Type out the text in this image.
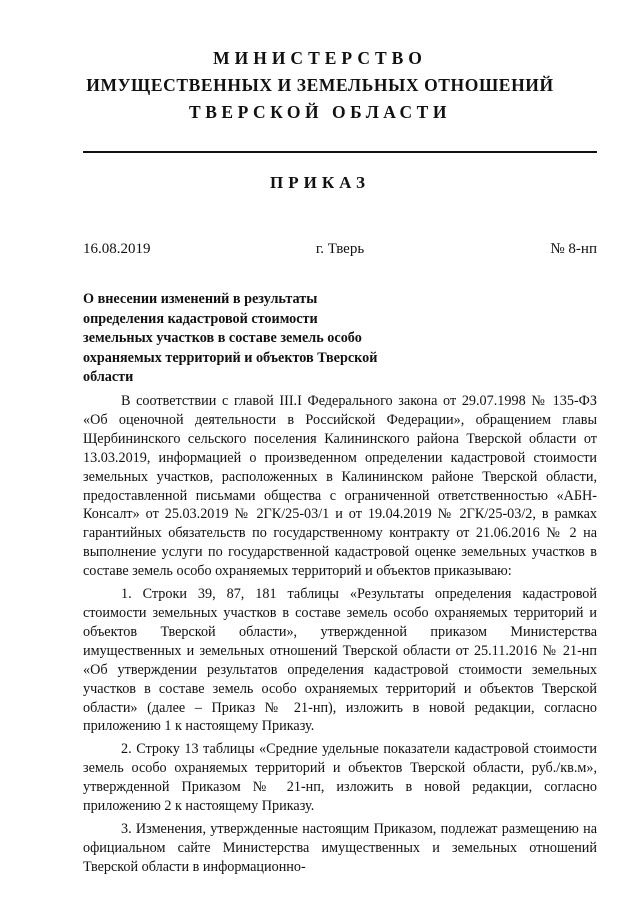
МИНИСТЕРСТВО
ИМУЩЕСТВЕННЫХ И ЗЕМЕЛЬНЫХ ОТНОШЕНИЙ
ТВЕРСКОЙ ОБЛАСТИ
ПРИКАЗ
г. Тверь
16.08.2019	№ 8-нп
О внесении изменений в результаты определения кадастровой стоимости земельных участков в составе земель особо охраняемых территорий и объектов Тверской области

В соответствии с главой III.I Федерального закона от 29.07.1998 № 135-ФЗ «Об оценочной деятельности в Российской Федерации», обращением главы Щербининского сельского поселения Калининского района Тверской области от 13.03.2019, информацией о произведенном определении кадастровой стоимости земельных участков, расположенных в Калининском районе Тверской области, предоставленной письмами общества с ограниченной ответственностью «АБН-Консалт» от 25.03.2019 № 2ГК/25-03/1 и от 19.04.2019 № 2ГК/25-03/2, в рамках гарантийных обязательств по государственному контракту от 21.06.2016 № 2 на выполнение услуги по государственной кадастровой оценке земельных участков в составе земель особо охраняемых территорий и объектов приказываю:

1. Строки 39, 87, 181 таблицы «Результаты определения кадастровой стоимости земельных участков в составе земель особо охраняемых территорий и объектов Тверской области», утвержденной приказом Министерства имущественных и земельных отношений Тверской области от 25.11.2016 № 21-нп «Об утверждении результатов определения кадастровой стоимости земельных участков в составе земель особо охраняемых территорий и объектов Тверской области» (далее – Приказ № 21-нп), изложить в новой редакции, согласно приложению 1 к настоящему Приказу.

2. Строку 13 таблицы «Средние удельные показатели кадастровой стоимости земель особо охраняемых территорий и объектов Тверской области, руб./кв.м», утвержденной Приказом № 21-нп, изложить в новой редакции, согласно приложению 2 к настоящему Приказу.

3. Изменения, утвержденные настоящим Приказом, подлежат размещению на официальном сайте Министерства имущественных и земельных отношений Тверской области в информационно-
